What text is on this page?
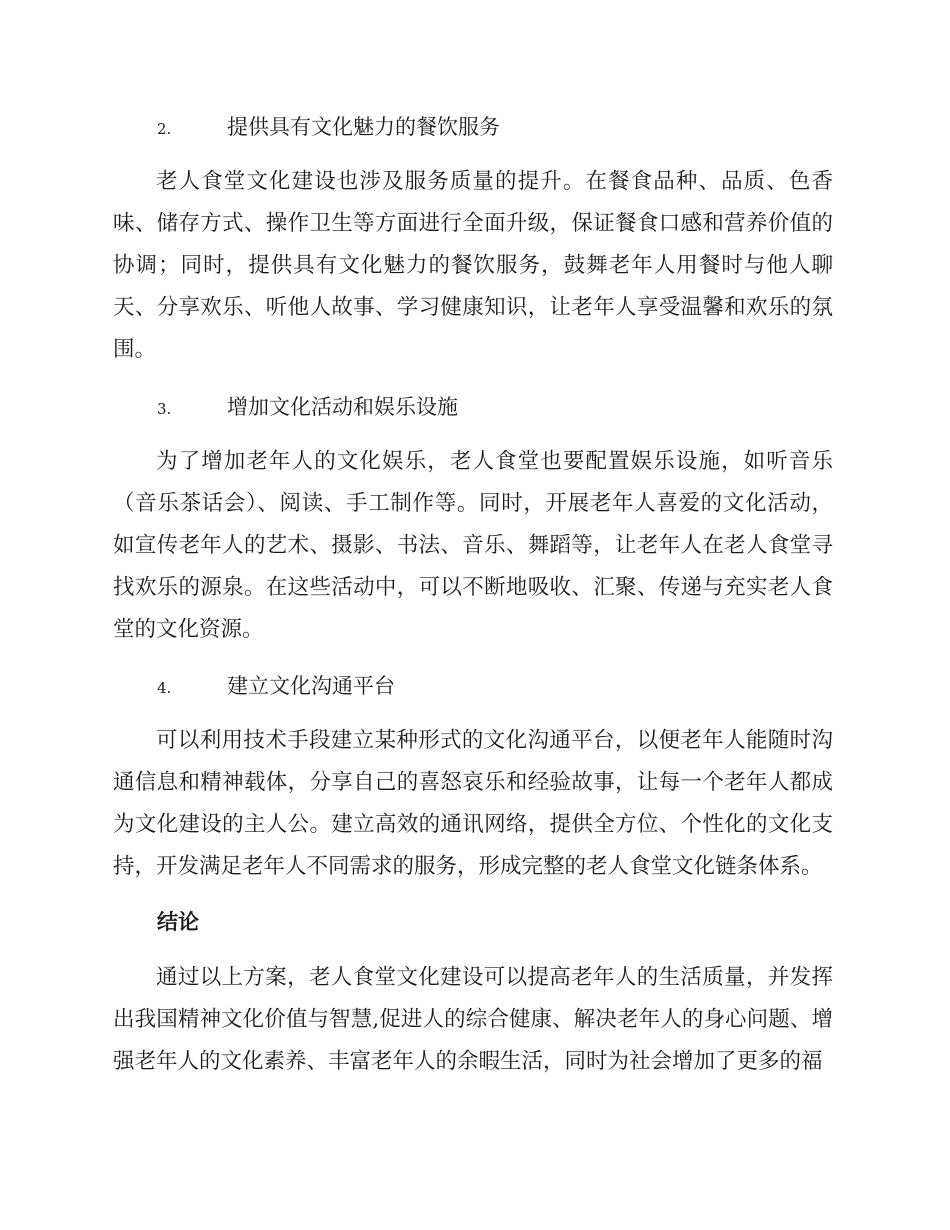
2.	提供具有文化魅力的餐饮服务

老人食堂文化建设也涉及服务质量的提升。在餐食品种、品质、色香味、储存方式、操作卫生等方面进行全面升级，保证餐食口感和营养价值的协调；同时，提供具有文化魅力的餐饮服务，鼓舞老年人用餐时与他人聊天、分享欢乐、听他人故事、学习健康知识，让老年人享受温馨和欢乐的氛围。

3.	增加文化活动和娱乐设施

为了增加老年人的文化娱乐，老人食堂也要配置娱乐设施，如听音乐（音乐茶话会）、阅读、手工制作等。同时，开展老年人喜爱的文化活动，如宣传老年人的艺术、摄影、书法、音乐、舞蹈等，让老年人在老人食堂寻找欢乐的源泉。在这些活动中，可以不断地吸收、汇聚、传递与充实老人食堂的文化资源。

4.	建立文化沟通平台

可以利用技术手段建立某种形式的文化沟通平台，以便老年人能随时沟通信息和精神载体，分享自己的喜怒哀乐和经验故事，让每一个老年人都成为文化建设的主人公。建立高效的通讯网络，提供全方位、个性化的文化支持，开发满足老年人不同需求的服务，形成完整的老人食堂文化链条体系。

结论

通过以上方案，老人食堂文化建设可以提高老年人的生活质量，并发挥出我国精神文化价值与智慧,促进人的综合健康、解决老年人的身心问题、增强老年人的文化素养、丰富老年人的余暇生活，同时为社会增加了更多的福
